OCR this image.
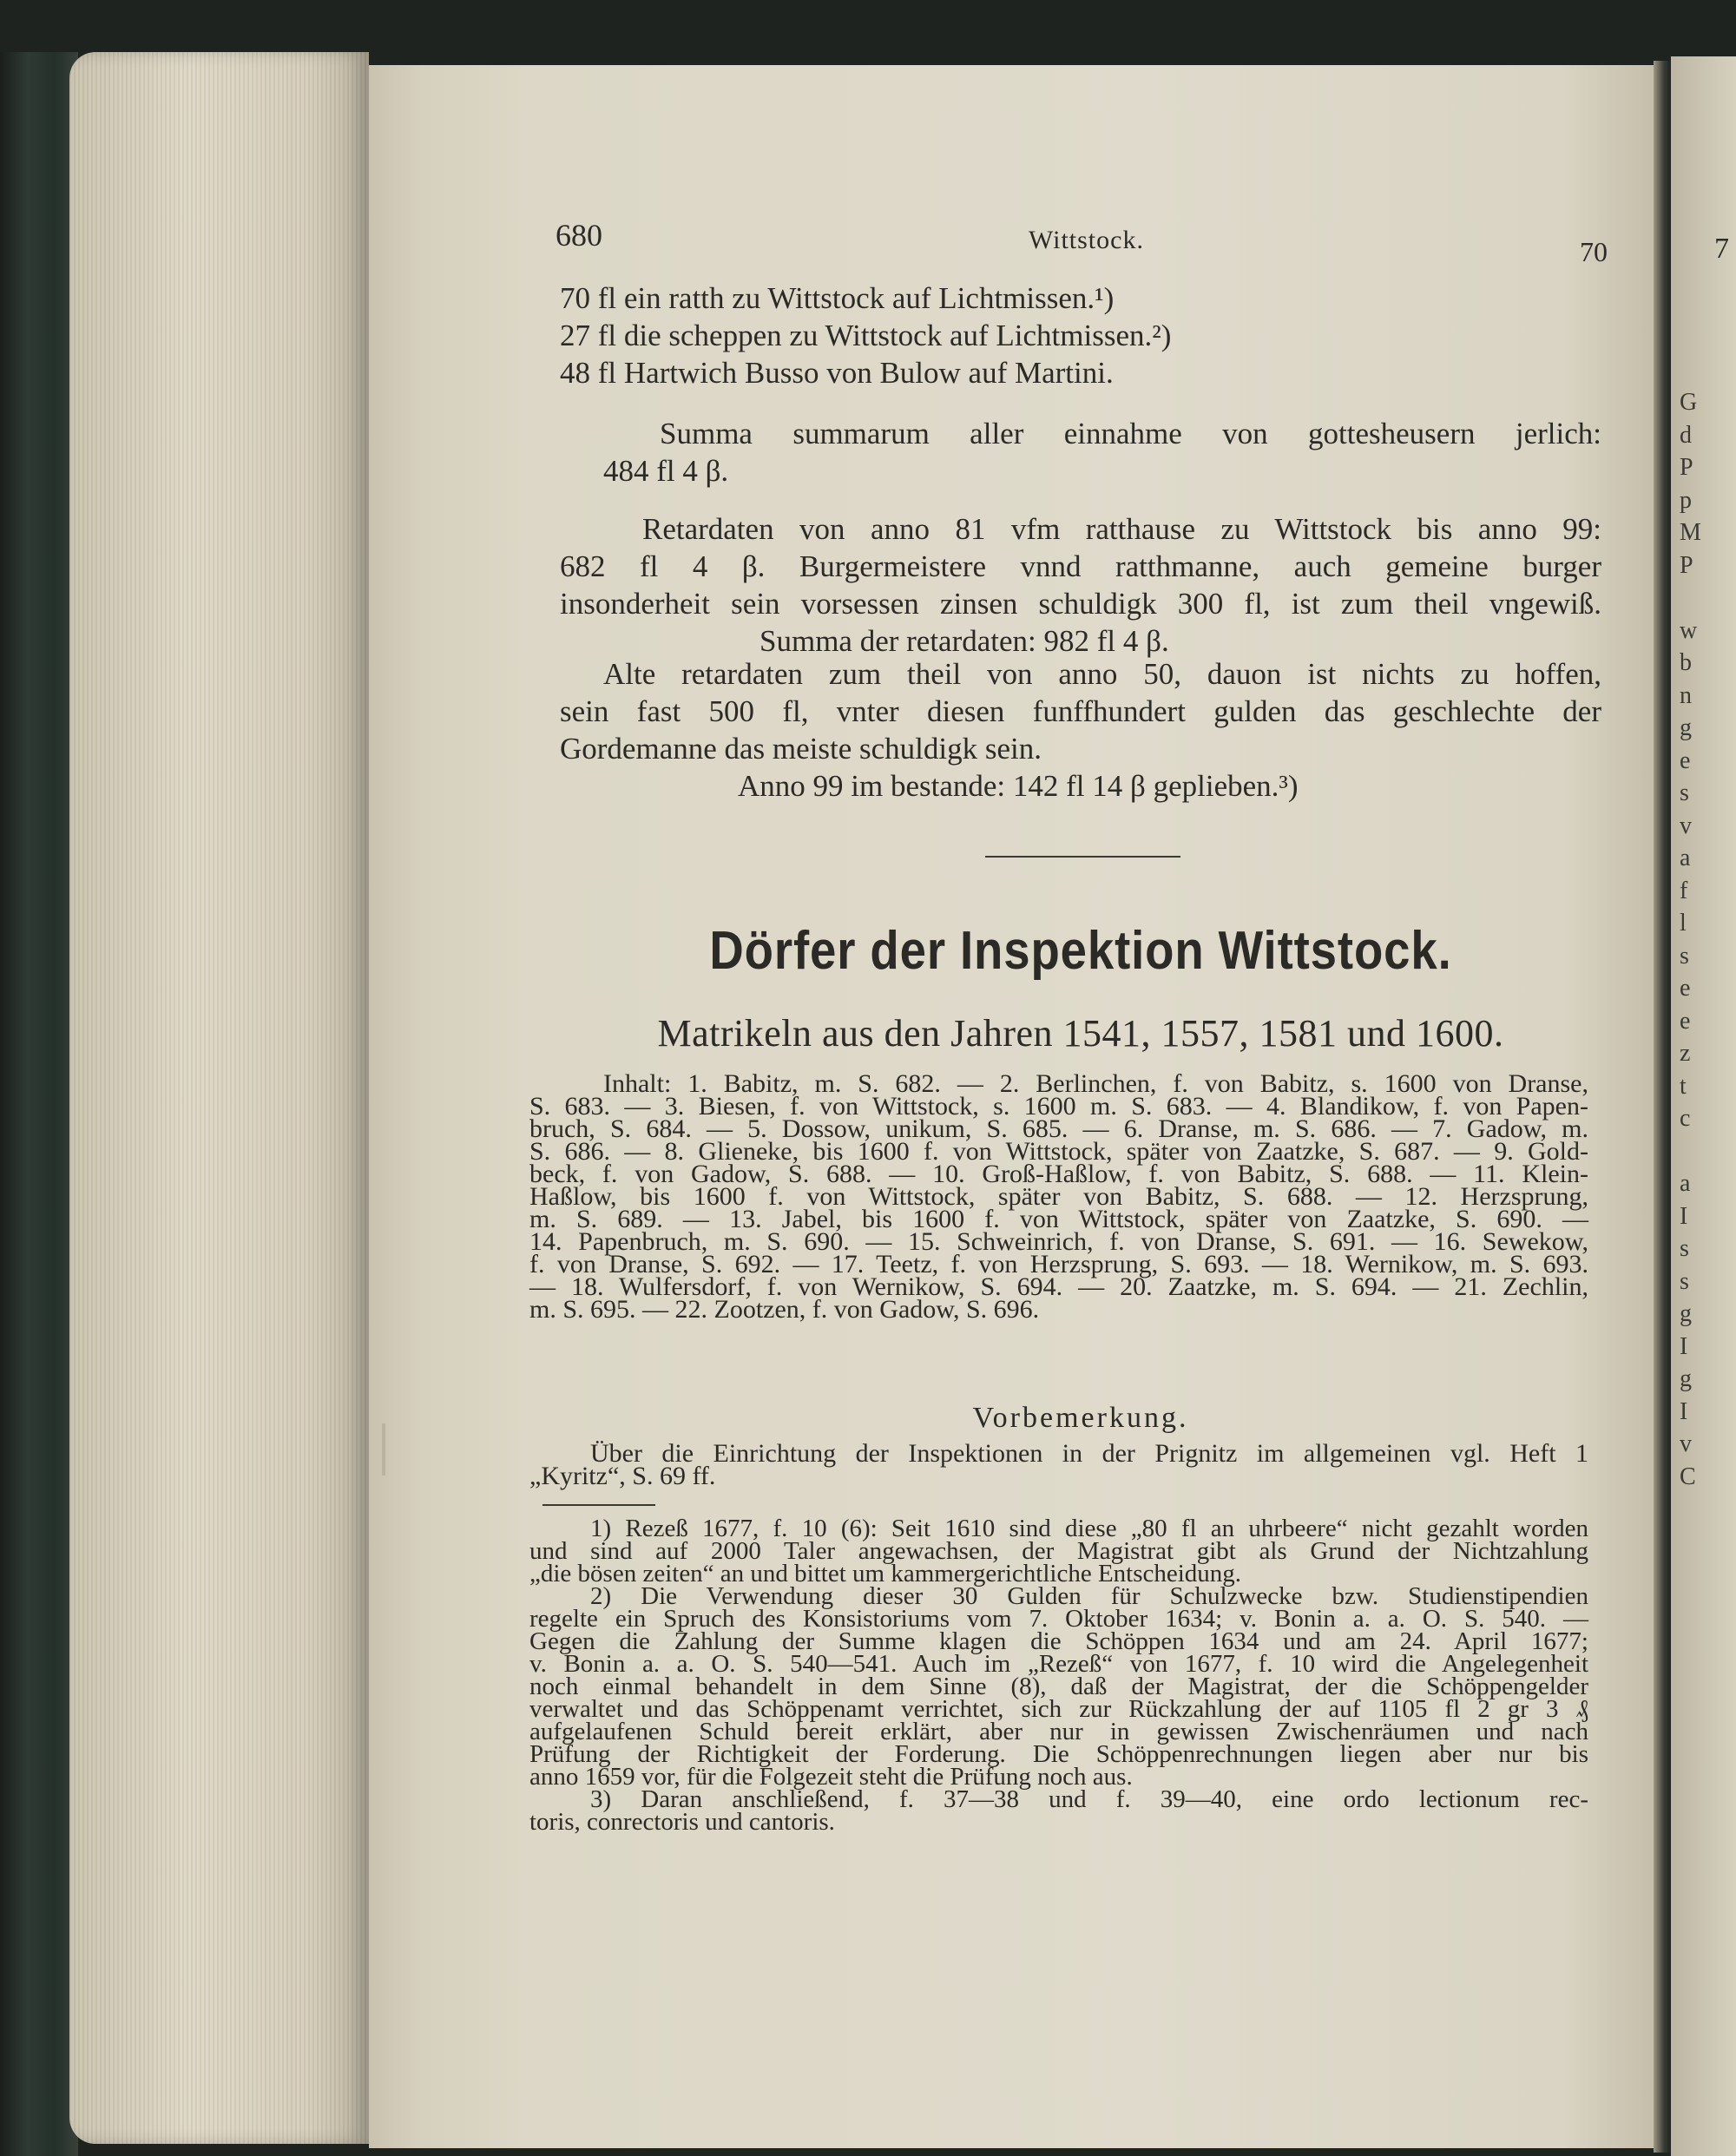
G
d
P
p
M
P

w
b
n
g
e
s
v
a
f
l
s
e
e
z
t
c

a
I
s
s
g
I
g
I
v
C
7
680	Wittstock.	70
70 fl ein ratth zu Wittstock auf Lichtmissen.¹)
27 fl die scheppen zu Wittstock auf Lichtmissen.²)
48 fl Hartwich Busso von Bulow auf Martini.
Summa summarum aller einnahme von gottesheusern jerlich:
484 fl 4 β.
Retardaten von anno 81 vfm ratthause zu Wittstock bis anno 99:
682 fl 4 β. Burgermeistere vnnd ratthmanne, auch gemeine burger
insonderheit sein vorsessen zinsen schuldigk 300 fl, ist zum theil vngewiß.
Summa der retardaten: 982 fl 4 β.
Alte retardaten zum theil von anno 50, dauon ist nichts zu hoffen,
sein fast 500 fl, vnter diesen funffhundert gulden das geschlechte der
Gordemanne das meiste schuldigk sein.
Anno 99 im bestande: 142 fl 14 β geplieben.³)
Dörfer der Inspektion Wittstock.
Matrikeln aus den Jahren 1541, 1557, 1581 und 1600.
Inhalt: 1. Babitz, m. S. 682. — 2. Berlinchen, f. von Babitz, s. 1600 von Dranse,
S. 683. — 3. Biesen, f. von Wittstock, s. 1600 m. S. 683. — 4. Blandikow, f. von Papen-
bruch, S. 684. — 5. Dossow, unikum, S. 685. — 6. Dranse, m. S. 686. — 7. Gadow, m.
S. 686. — 8. Glieneke, bis 1600 f. von Wittstock, später von Zaatzke, S. 687. — 9. Gold-
beck, f. von Gadow, S. 688. — 10. Groß-Haßlow, f. von Babitz, S. 688. — 11. Klein-
Haßlow, bis 1600 f. von Wittstock, später von Babitz, S. 688. — 12. Herzsprung,
m. S. 689. — 13. Jabel, bis 1600 f. von Wittstock, später von Zaatzke, S. 690. —
14. Papenbruch, m. S. 690. — 15. Schweinrich, f. von Dranse, S. 691. — 16. Sewekow,
f. von Dranse, S. 692. — 17. Teetz, f. von Herzsprung, S. 693. — 18. Wernikow, m. S. 693.
— 18. Wulfersdorf, f. von Wernikow, S. 694. — 20. Zaatzke, m. S. 694. — 21. Zechlin,
m. S. 695. — 22. Zootzen, f. von Gadow, S. 696.
Vorbemerkung.
Über die Einrichtung der Inspektionen in der Prignitz im allgemeinen vgl. Heft 1
„Kyritz“, S. 69 ff.
1) Rezeß 1677, f. 10 (6): Seit 1610 sind diese „80 fl an uhrbeere“ nicht gezahlt worden
und sind auf 2000 Taler angewachsen, der Magistrat gibt als Grund der Nichtzahlung
„die bösen zeiten“ an und bittet um kammergerichtliche Entscheidung.
2) Die Verwendung dieser 30 Gulden für Schulzwecke bzw. Studienstipendien
regelte ein Spruch des Konsistoriums vom 7. Oktober 1634; v. Bonin a. a. O. S. 540. —
Gegen die Zahlung der Summe klagen die Schöppen 1634 und am 24. April 1677;
v. Bonin a. a. O. S. 540—541. Auch im „Rezeß“ von 1677, f. 10 wird die Angelegenheit
noch einmal behandelt in dem Sinne (8), daß der Magistrat, der die Schöppengelder
verwaltet und das Schöppenamt verrichtet, sich zur Rückzahlung der auf 1105 fl 2 gr 3 ₰
aufgelaufenen Schuld bereit erklärt, aber nur in gewissen Zwischenräumen und nach
Prüfung der Richtigkeit der Forderung. Die Schöppenrechnungen liegen aber nur bis
anno 1659 vor, für die Folgezeit steht die Prüfung noch aus.
3) Daran anschließend, f. 37—38 und f. 39—40, eine ordo lectionum rec-
toris, conrectoris und cantoris.
